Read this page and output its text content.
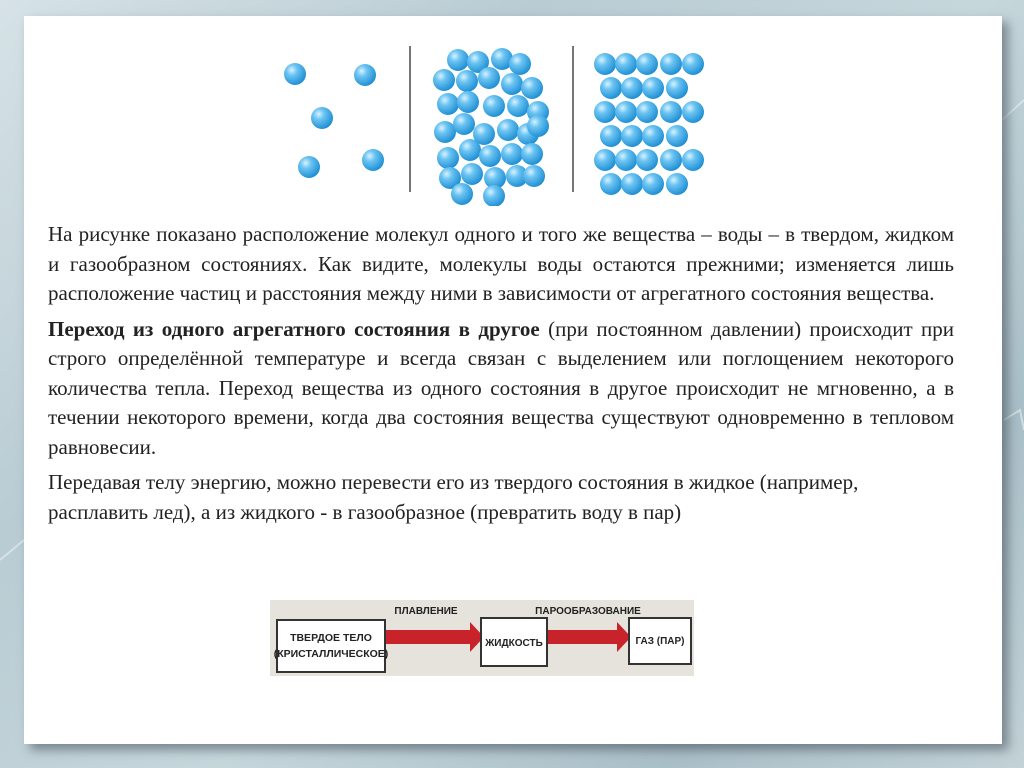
На рисунке показано расположение молекул одного и того же вещества – воды – в твердом, жидком и газообразном состояниях. Как видите, молекулы воды остаются прежними; изменяется лишь расположение частиц и расстояния между ними в зависимости от агрегатного состояния вещества.

Переход из одного агрегатного состояния в другое (при постоянном давлении) происходит при строго определённой температуре и всегда связан с выделением или поглощением некоторого количества тепла. Переход вещества из одного состояния в другое происходит не мгновенно, а в течении некоторого времени, когда два состояния вещества существуют одновременно в тепловом равновесии.

Передавая телу энергию, можно перевести его из твердого состояния в жидкое (например, расплавить лед), а из жидкого - в газообразное (превратить воду в пар)

ТВЕРДОЕ ТЕЛО
(КРИСТАЛЛИЧЕСКОЕ)
ЖИДКОСТЬ	ГАЗ (ПАР)
ПЛАВЛЕНИЕ	ПАРООБРАЗОВАНИЕ
